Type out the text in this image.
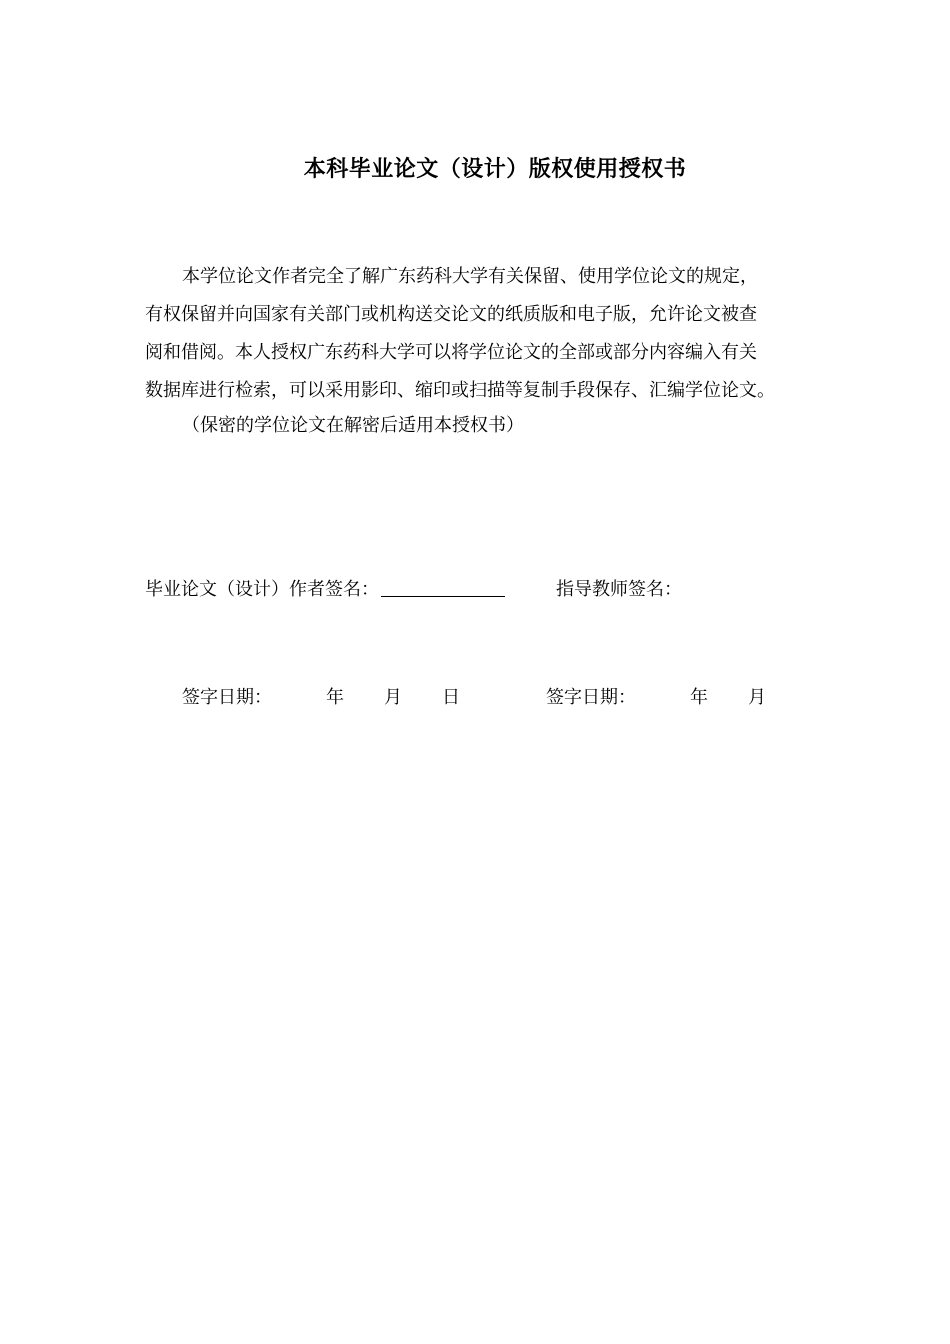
本科毕业论文（设计）版权使用授权书
本学位论文作者完全了解广东药科大学有关保留、使用学位论文的规定，
有权保留并向国家有关部门或机构送交论文的纸质版和电子版，允许论文被查
阅和借阅。本人授权广东药科大学可以将学位论文的全部或部分内容编入有关
数据库进行检索，可以采用影印、缩印或扫描等复制手段保存、汇编学位论文。
（保密的学位论文在解密后适用本授权书）
毕业论文（设计）作者签名：	指导教师签名：
签字日期：	年 月 日	签字日期：	年 月
